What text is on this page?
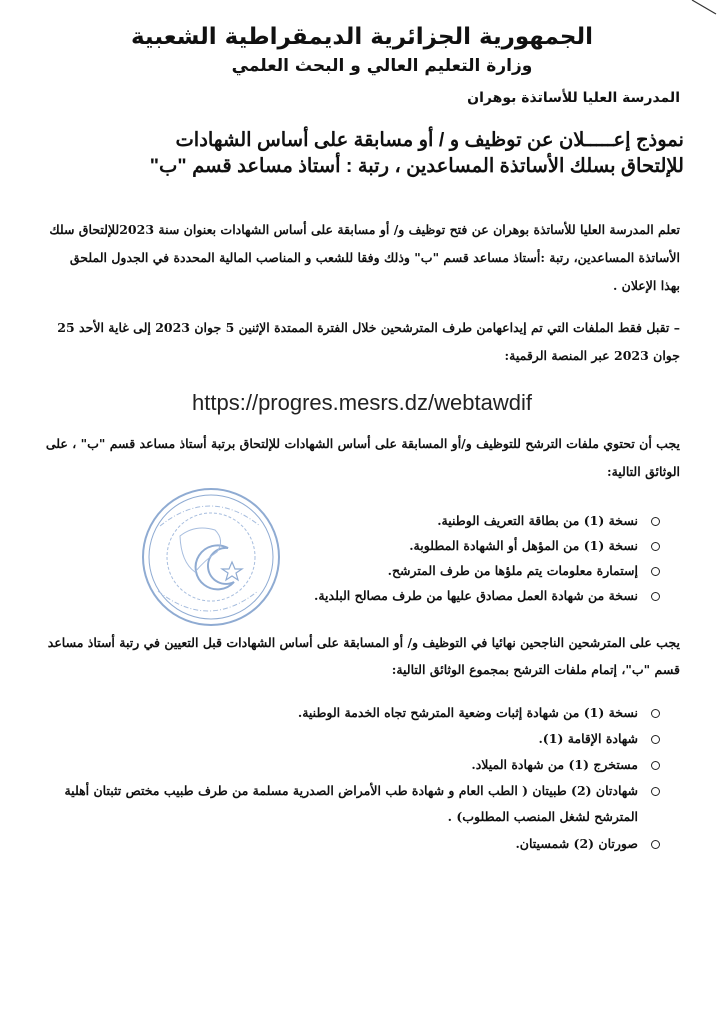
الجمهورية الجزائرية الديمقراطية الشعبية
وزارة التعليم العالي و البحث العلمي
المدرسة العليا للأساتذة بوهران
نموذج إعـــــلان عن توظيف و / أو مسابقة على أساس الشهادات
للإلتحاق بسلك الأساتذة المساعدين ، رتبة : أستاذ مساعد قسم "ب"
تعلم المدرسة العليا للأساتذة بوهران عن فتح توظيف و/ أو مسابقة على أساس الشهادات بعنوان سنة 2023للإلتحاق سلك
الأساتذة المساعدين، رتبة :أستاذ مساعد قسم "ب" وذلك وفقا للشعب و المناصب المالية المحددة في الجدول الملحق
بهذا الإعلان .
– تقبل فقط الملفات التي تم إيداعهامن طرف المترشحين خلال الفترة الممتدة الإثنين 5 جوان 2023 إلى غاية الأحد 25
جوان 2023 عبر المنصة الرقمية:
https://progres.mesrs.dz/webtawdif
يجب أن تحتوي ملفات الترشح للتوظيف و/أو المسابقة على أساس الشهادات للإلتحاق برتبة أستاذ مساعد قسم "ب" ، على
الوثائق التالية:
نسخة (1) من بطاقة التعريف الوطنية.
نسخة (1) من المؤهل أو الشهادة المطلوبة.
إستمارة معلومات يتم ملؤها من طرف المترشح.
نسخة من شهادة العمل مصادق عليها من طرف مصالح البلدية.
يجب على المترشحين الناجحين نهائيا في التوظيف و/ أو المسابقة على أساس الشهادات قبل التعيين في رتبة أستاذ مساعد
قسم "ب"، إتمام ملفات الترشح بمجموع الوثائق التالية:
نسخة (1) من شهادة إثبات وضعية المترشح تجاه الخدمة الوطنية.
شهادة الإقامة (1).
مستخرج (1) من شهادة الميلاد.
شهادتان (2) طبيتان ( الطب العام و شهادة طب الأمراض الصدرية مسلمة من طرف طبيب مختص تثبتان أهلية
المترشح لشغل المنصب المطلوب) .
صورتان (2) شمسيتان.
